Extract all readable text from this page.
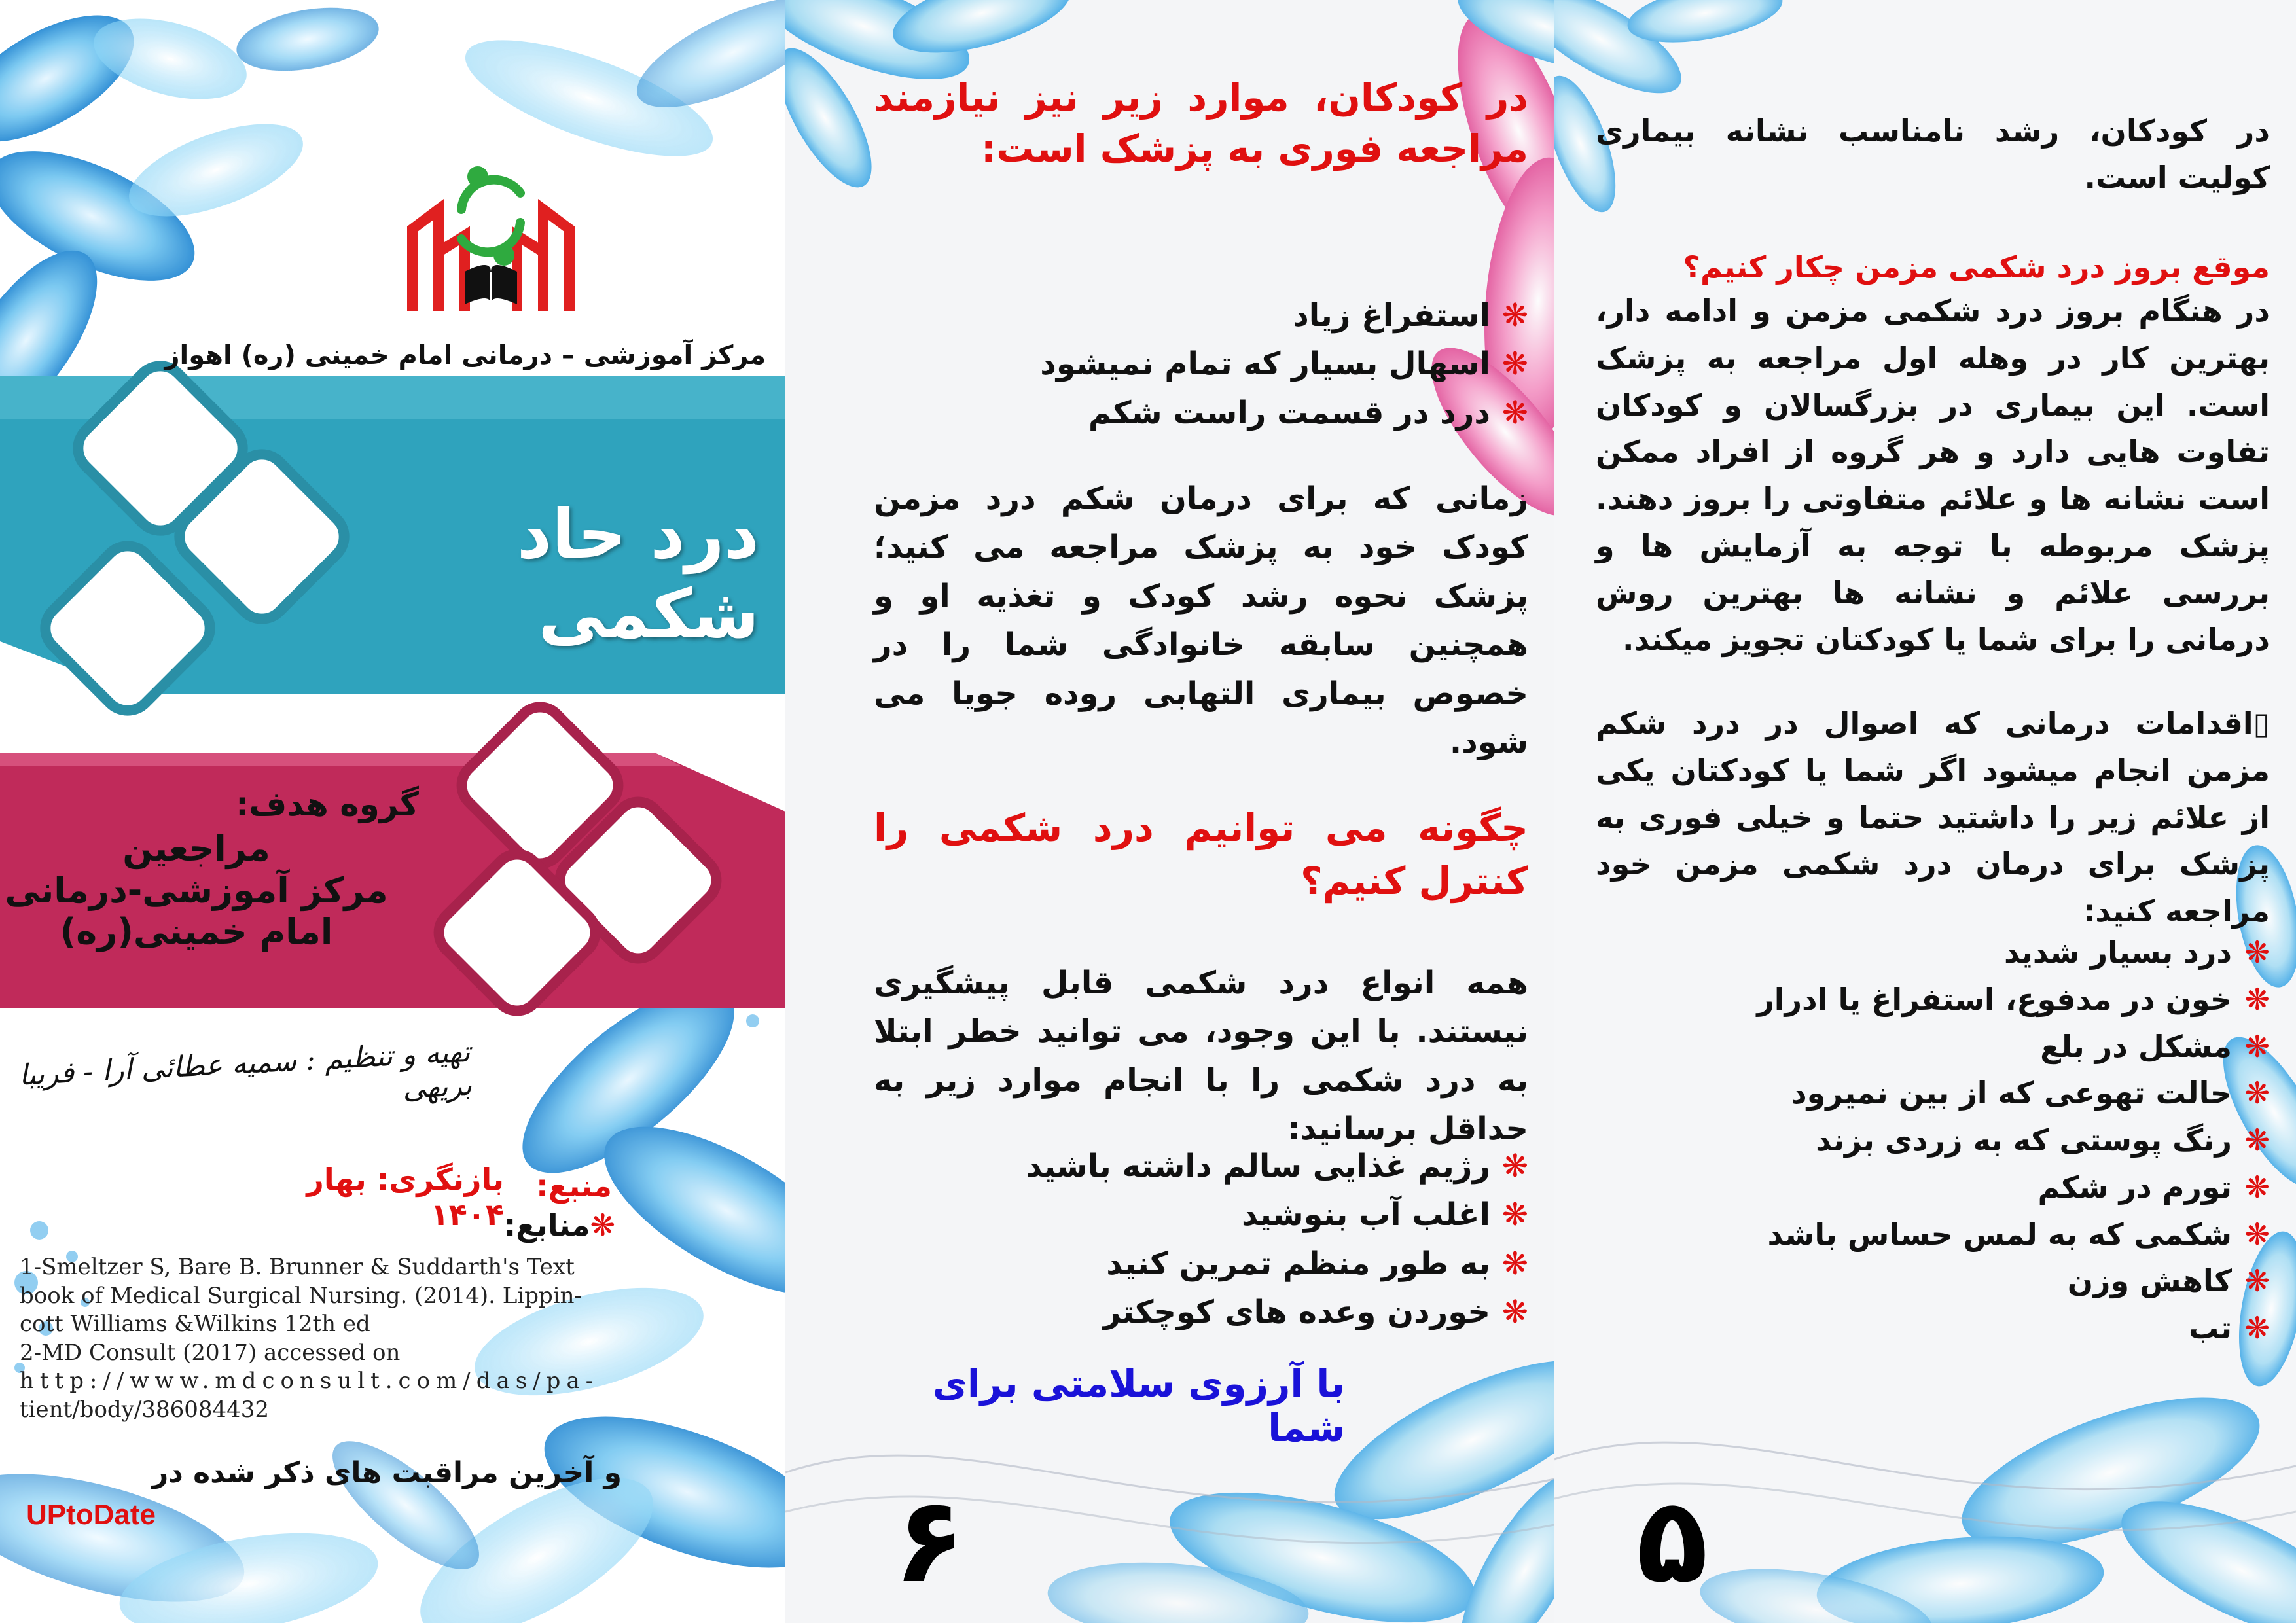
مرکز آموزشی – درمانی امام خمینی (ره) اهواز
درد حاد شکمی
گروه هدف:
مراجعین
مرکز آموزشی-درمانی
امام خمینی(ره)
تهیه و تنظیم : سمیه عطائی آرا - فریبا بریهی
بازنگری: بهار ۱۴۰۴
منبع:
❋منابع:
1-Smeltzer S, Bare B. Brunner & Suddarth's Text
book of Medical Surgical Nursing. (2014). Lippin-
cott Williams &Wilkins 12th ed
2-MD Consult (2017) accessed on
http://www.mdconsult.com/das/pa-
tient/body/386084432
و آخرین مراقبت های ذکر شده در
UPtoDate
در کودکان، موارد زیر نیز نیازمند مراجعه فوری به پزشک است:
❋
استفراغ زیاد
❋
اسهال بسیار که تمام نمیشود
❋
درد در قسمت راست شکم
زمانی که برای درمان شکم درد مزمن کودک خود به پزشک مراجعه می کنید؛ پزشک نحوه رشد کودک و تغذیه او و همچنین سابقه خانوادگی شما را در خصوص بیماری التهابی روده جویا می شود.
چگونه می توانیم درد شکمی را کنترل کنیم؟
همه انواع درد شکمی قابل پیشگیری نیستند. با این وجود، می توانید خطر ابتلا به درد شکمی را با انجام موارد زیر به حداقل برسانید:
❋
رژیم غذایی سالم داشته باشید
❋
اغلب آب بنوشید
❋
به طور منظم تمرین کنید
❋
خوردن وعده های کوچکتر
با آرزوی سلامتی برای شما
۶
در کودکان، رشد نامناسب نشانه بیماری کولیت است.
موقع بروز درد شکمی مزمن چکار کنیم؟
در هنگام بروز درد شکمی مزمن و ادامه دار، بهترین کار در وهله اول مراجعه به پزشک است. این بیماری در بزرگسالان و کودکان تفاوت هایی دارد و هر گروه از افراد ممکن است نشانه ها و علائم متفاوتی را بروز دهند. پزشک مربوطه با توجه به آزمایش ها و بررسی علائم و نشانه ها بهترین روش درمانی را برای شما یا کودکتان تجویز میکند.
▯اقدامات درمانی که اصوال در درد شکم مزمن انجام میشود اگر شما یا کودکتان یکی از علائم زیر را داشتید حتما و خیلی فوری به پزشک برای درمان درد شکمی مزمن خود مراجعه کنید:
❋
درد بسیار شدید
❋
خون در مدفوع، استفراغ یا ادرار
❋
مشکل در بلع
❋
حالت تهوعی که از بین نمیرود
❋
رنگ پوستی که به زردی بزند
❋
تورم در شکم
❋
شکمی که به لمس حساس باشد
❋
کاهش وزن
❋
تب
۵
